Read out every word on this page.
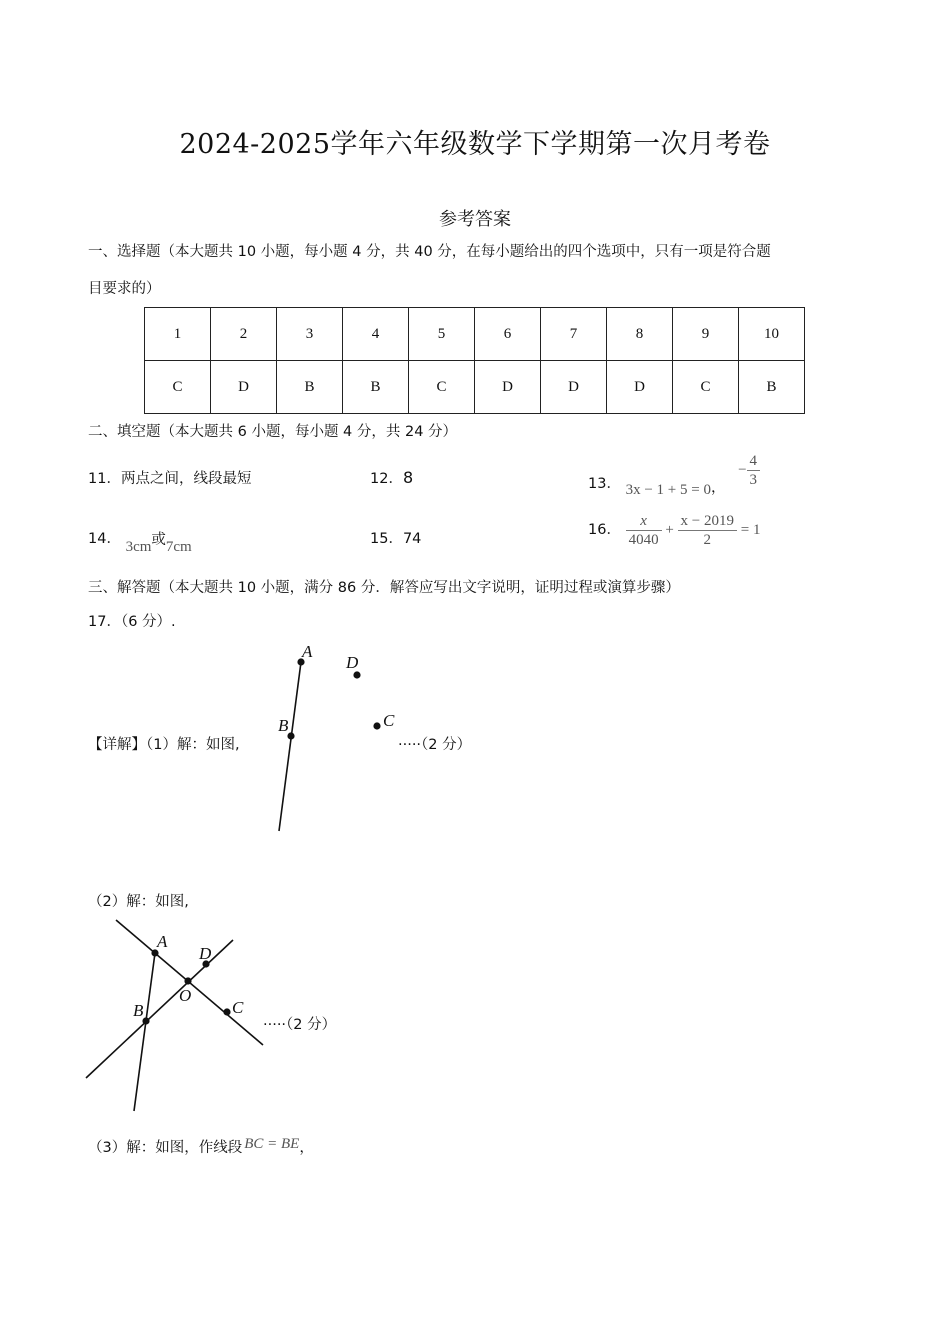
2024-2025学年六年级数学下学期第一次月考卷
参考答案
一、选择题（本大题共 10 小题，每小题 4 分，共 40 分，在每小题给出的四个选项中，只有一项是符合题
目要求的）
1	2	3	4	5	6	7	8	9	10
C	D	B	B	C	D	D	D	C	B
二、填空题（本大题共 6 小题，每小题 4 分，共 24 分）
11．两点之间，线段最短	12．8	13． 3x − 1 + 5 = 0， − $\frac{4}{3}$
14． 3cm或7cm	15．74
16． $\frac{x}{4040} + \frac{x - 2019}{2} = 1$
三、解答题（本大题共 10 小题，满分 86 分．解答应写出文字说明，证明过程或演算步骤）
17．（6 分）.
【详解】（1）解：如图,	·····（2 分）
A
B	C
D
（2）解：如图,
A
B	C
D
O
·····（2 分）
（3）解：如图，作线段 BC = BE，
